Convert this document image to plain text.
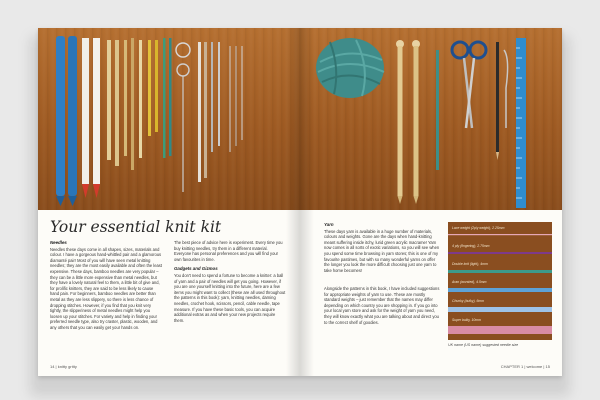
Your essential knit kit
Needles

Needles these days come in all shapes, sizes, materials and colour. I have a gorgeous hand-whittled pair and a glamorous diamanté pair! Most of you will have seen metal knitting needles; they are the most easily available and often the least expensive. These days, bamboo needles are very popular – they can be a little more expensive than metal needles, but they have a lovely natural feel to them, a little bit of give and, for prolific knitters, they are said to be less likely to cause hand pain. For beginners, bamboo needles are better than metal as they are less slippery, so there is less chance of dropping stitches. However, if you find that you knit very tightly, the slipperiness of metal needles might help you loosen up your stitches. For variety and help in finding your preferred needle type, also try craster, plastic, wooden, and any others that you can easily get your hands on.

The best piece of advice here is experiment. Every time you buy knitting needles, try them in a different material. Everyone has personal preferences and you will find your own favourites in time.

Gadgets and Gizmos

You don't need to spend a fortune to become a knitter: a ball of yarn and a pair of needles will get you going. However, if you are one yourself knitting into the future, here are a few items you might want to collect (these are all used throughout the patterns in this book): yarn, knitting needles, darning needles, crochet hook, scissors, pencil, cable needle, tape measure. If you have these basic tools, you can acquire additional extras as and when your new projects require them.

14 | knitty gritty
Yarn

These days yarn is available in a huge number of materials, colours and weights. Gone are the days when hand-knitting meant suffering inside itchy, lurid green acrylic macrame! Yarn now comes in all sorts of exotic variations, so you will see when you spend some time browsing in yarn stores; this is one of my favourite pastimes, but with so many wonderful yarns on offer the longer you look the more difficult choosing just one yarn to take home becomes!

Alongside the patterns in this book, I have included suggestions for appropriate weights of yarn to use. These are mostly standard weights – just remember that the names may differ depending on which country you are shopping in. If you go into your local yarn store and ask for the weight of yarn you need, they will know exactly what you are talking about and direct you to the correct shelf of goodies.

Lace weight (2ply weight), 2.25mm
4 ply (fingering), 2.75mm
Double knit (light), 4mm
Aran (worsted), 4.5mm
Chunky (bulky), 6mm
Super bulky, 10mm
UK name (US name) suggested needle size
CHAPTER 1 | welcome | 15
